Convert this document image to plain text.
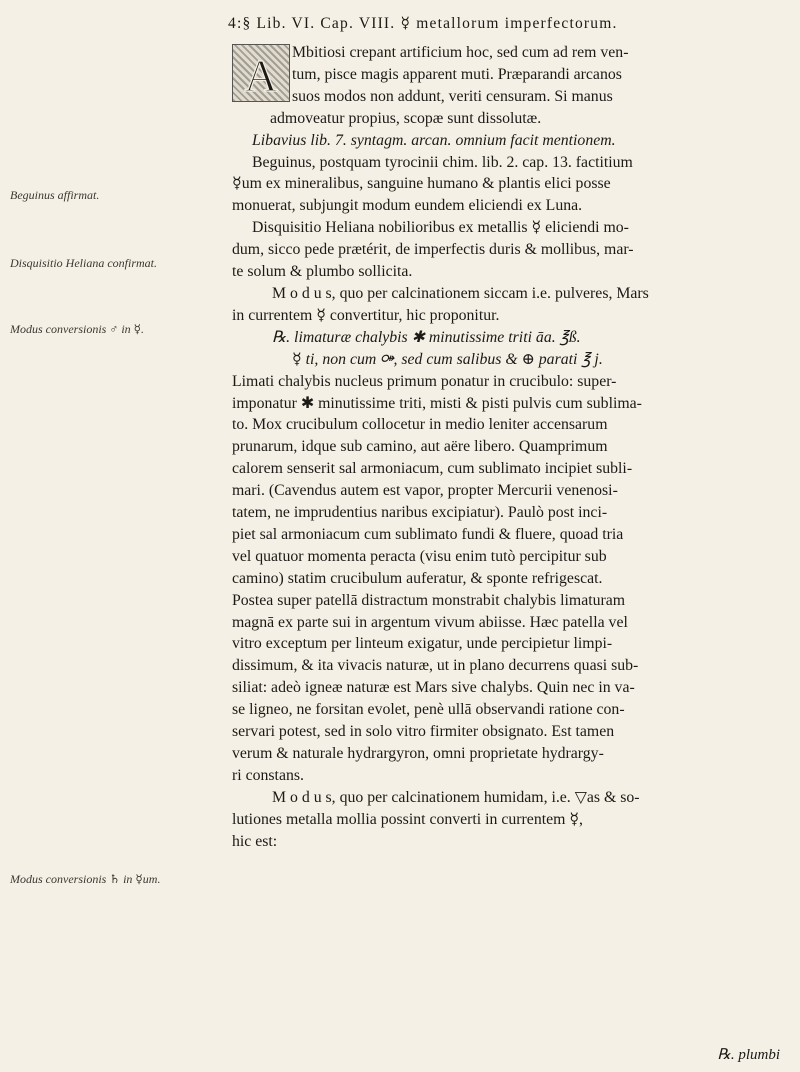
4:§ Lib. VI. Cap. VIII. ☿ metallorum imperfectorum.
A Mbitiosi crepant artificium hoc, sed cum ad rem ven-
tum, pisce magis apparent muti. Præparandi arcanos
suos modos non addunt, veriti censuram. Si manus
admoveatur propius, scopæ sunt dissolutæ.
Libavius lib. 7. syntagm. arcan. omnium facit mentionem.
Beguinus, postquam tyrocinii chim. lib. 2. cap. 13. factitium
☿um ex mineralibus, sanguine humano & plantis elici posse
monuerat, subjungit modum eundem eliciendi ex Luna.
Disquisitio Heliana nobilioribus ex metallis ☿ eliciendi mo-
dum, sicco pede prætérit, de imperfectis duris & mollibus, mar-
te solum & plumbo sollicita.
M o d u s, quo per calcinationem siccam i.e. pulveres, Mars
in currentem ☿ convertitur, hic proponitur.
℞. limaturæ chalybis ✱ minutissime triti āa. ℥ß.
☿ ti, non cum ⚩, sed cum salibus & ⊕ parati ℥ j.
Limati chalybis nucleus primum ponatur in crucibulo: super-
imponatur ✱ minutissime triti, misti & pisti pulvis cum sublima-
to. Mox crucibulum collocetur in medio leniter accensarum
prunarum, idque sub camino, aut aëre libero. Quamprimum
calorem senserit sal armoniacum, cum sublimato incipiet subli-
mari. (Cavendus autem est vapor, propter Mercurii venenosi-
tatem, ne imprudentius naribus excipiatur). Paulò post inci-
piet sal armoniacum cum sublimato fundi & fluere, quoad tria
vel quatuor momenta peracta (visu enim tutò percipitur sub
camino) statim crucibulum auferatur, & sponte refrigescat.
Postea super patellā distractum monstrabit chalybis limaturam
magnā ex parte sui in argentum vivum abiisse. Hæc patella vel
vitro exceptum per linteum exigatur, unde percipietur limpi-
dissimum, & ita vivacis naturæ, ut in plano decurrens quasi sub-
siliat: adeò igneæ naturæ est Mars sive chalybs. Quin nec in va-
se ligneo, ne forsitan evolet, penè ullā observandi ratione con-
servari potest, sed in solo vitro firmiter obsignato. Est tamen
verum & naturale hydrargyron, omni proprietate hydrargy-
ri constans.
M o d u s, quo per calcinationem humidam, i.e. ▽as & so-
lutiones metalla mollia possint converti in currentem ☿,
hic est:
Beguinus affirmat.
Disquisitio Heliana confirmat.
Modus conversionis ♂ in ☿.
Modus conversionis ♄ in ☿um.
℞. plumbi
